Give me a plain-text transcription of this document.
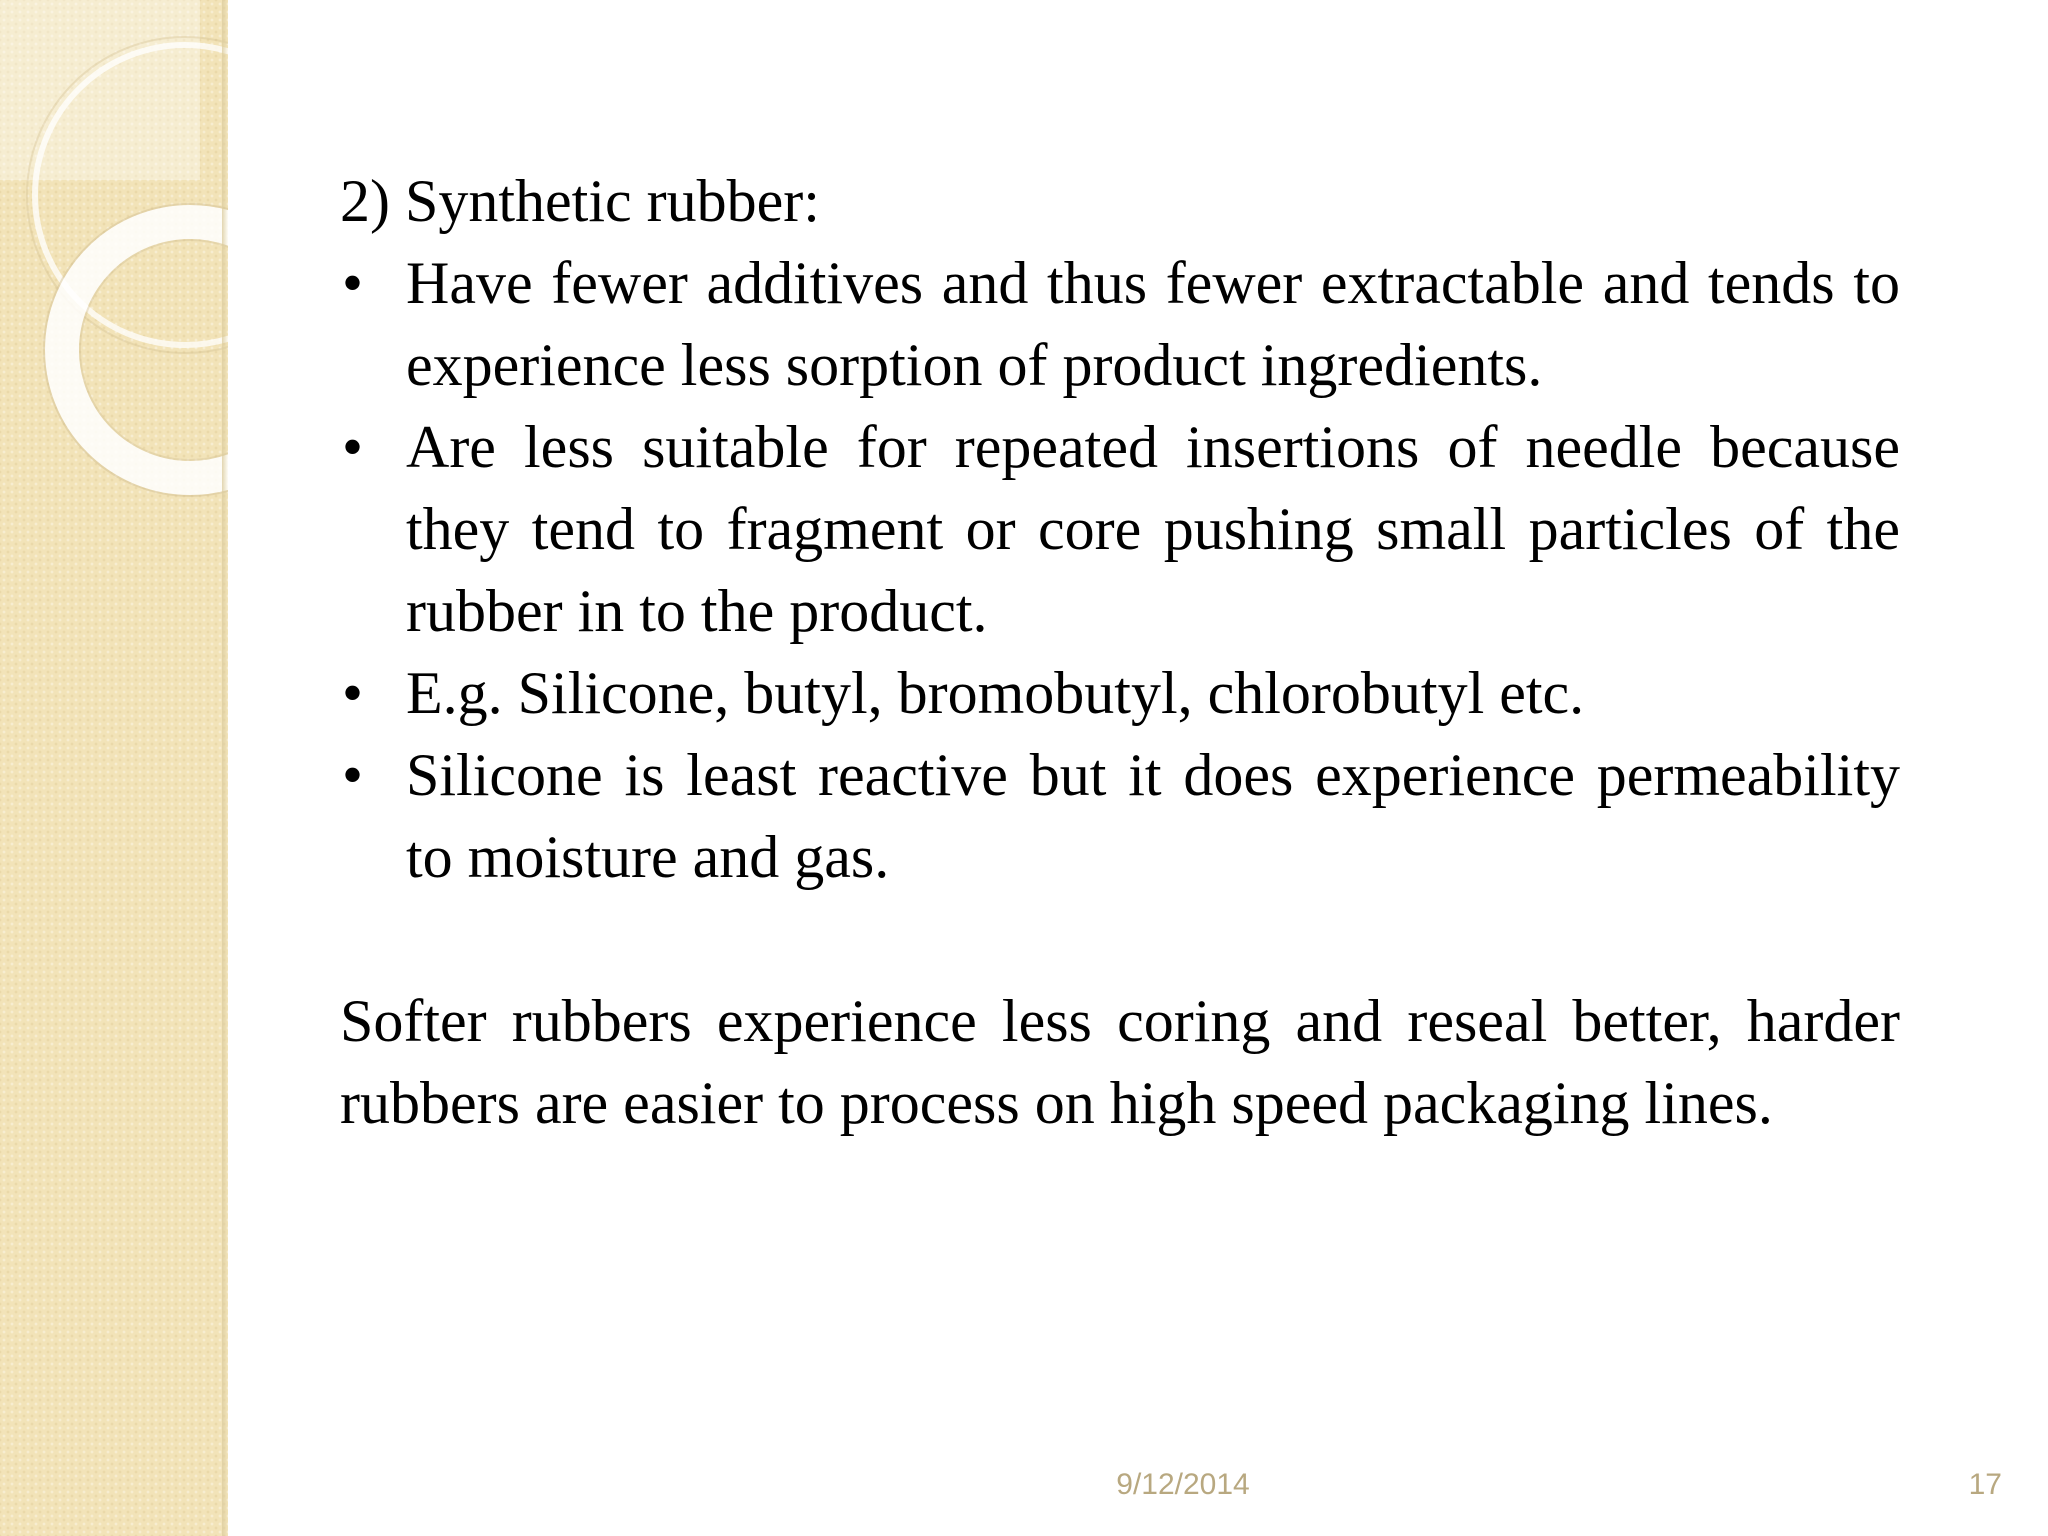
2) Synthetic rubber:

• Have fewer additives and thus fewer extractable and tends to experience less sorption of product ingredients.
• Are less suitable for repeated insertions of needle because they tend to fragment or core pushing small particles of the rubber in to the product.
• E.g. Silicone, butyl, bromobutyl, chlorobutyl etc.
• Silicone is least reactive but it does experience permeability to moisture and gas.

Softer rubbers experience less coring and reseal better, harder rubbers are easier to process on high speed packaging lines.

9/12/2014	17
